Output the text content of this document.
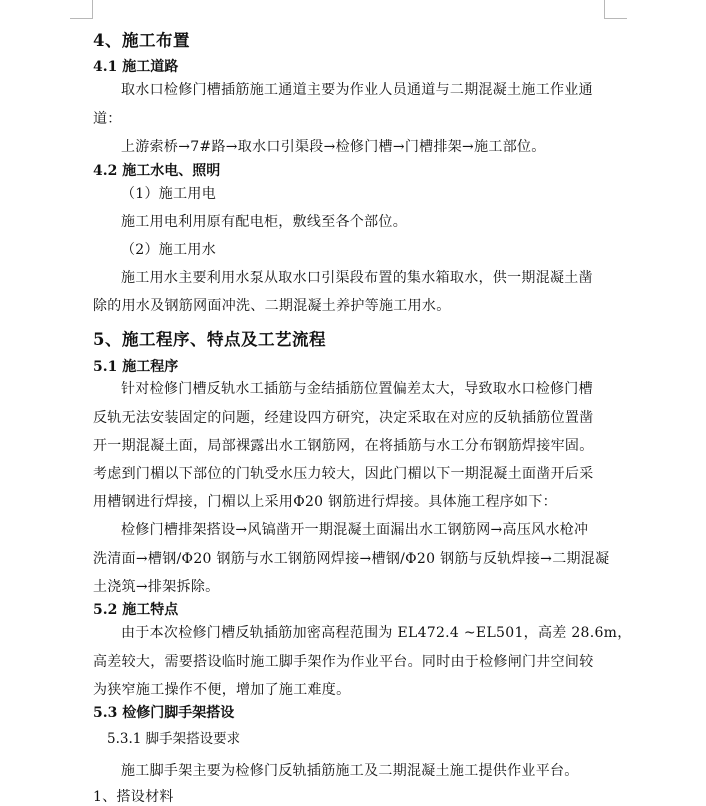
4、施工布置
4.1 施工道路
取水口检修门槽插筋施工通道主要为作业人员通道与二期混凝土施工作业通
道：
上游索桥→7#路→取水口引渠段→检修门槽→门槽排架→施工部位。
4.2 施工水电、照明
（1）施工用电
施工用电利用原有配电柜，敷线至各个部位。
（2）施工用水
施工用水主要利用水泵从取水口引渠段布置的集水箱取水，供一期混凝土凿
除的用水及钢筋网面冲洗、二期混凝土养护等施工用水。
5、施工程序、特点及工艺流程
5.1 施工程序
针对检修门槽反轨水工插筋与金结插筋位置偏差太大，导致取水口检修门槽
反轨无法安装固定的问题，经建设四方研究，决定采取在对应的反轨插筋位置凿
开一期混凝土面，局部裸露出水工钢筋网，在将插筋与水工分布钢筋焊接牢固。
考虑到门楣以下部位的门轨受水压力较大，因此门楣以下一期混凝土面凿开后采
用槽钢进行焊接，门楣以上采用Φ20 钢筋进行焊接。具体施工程序如下：
检修门槽排架搭设→风镐凿开一期混凝土面漏出水工钢筋网→高压风水枪冲
洗清面→槽钢/Φ20 钢筋与水工钢筋网焊接→槽钢/Φ20 钢筋与反轨焊接→二期混凝
土浇筑→排架拆除。
5.2 施工特点
由于本次检修门槽反轨插筋加密高程范围为 EL472.4 ~EL501，高差 28.6m，
高差较大，需要搭设临时施工脚手架作为作业平台。同时由于检修闸门井空间较
为狭窄施工操作不便，增加了施工难度。
5.3 检修门脚手架搭设
5.3.1 脚手架搭设要求
施工脚手架主要为检修门反轨插筋施工及二期混凝土施工提供作业平台。
1、搭设材料
